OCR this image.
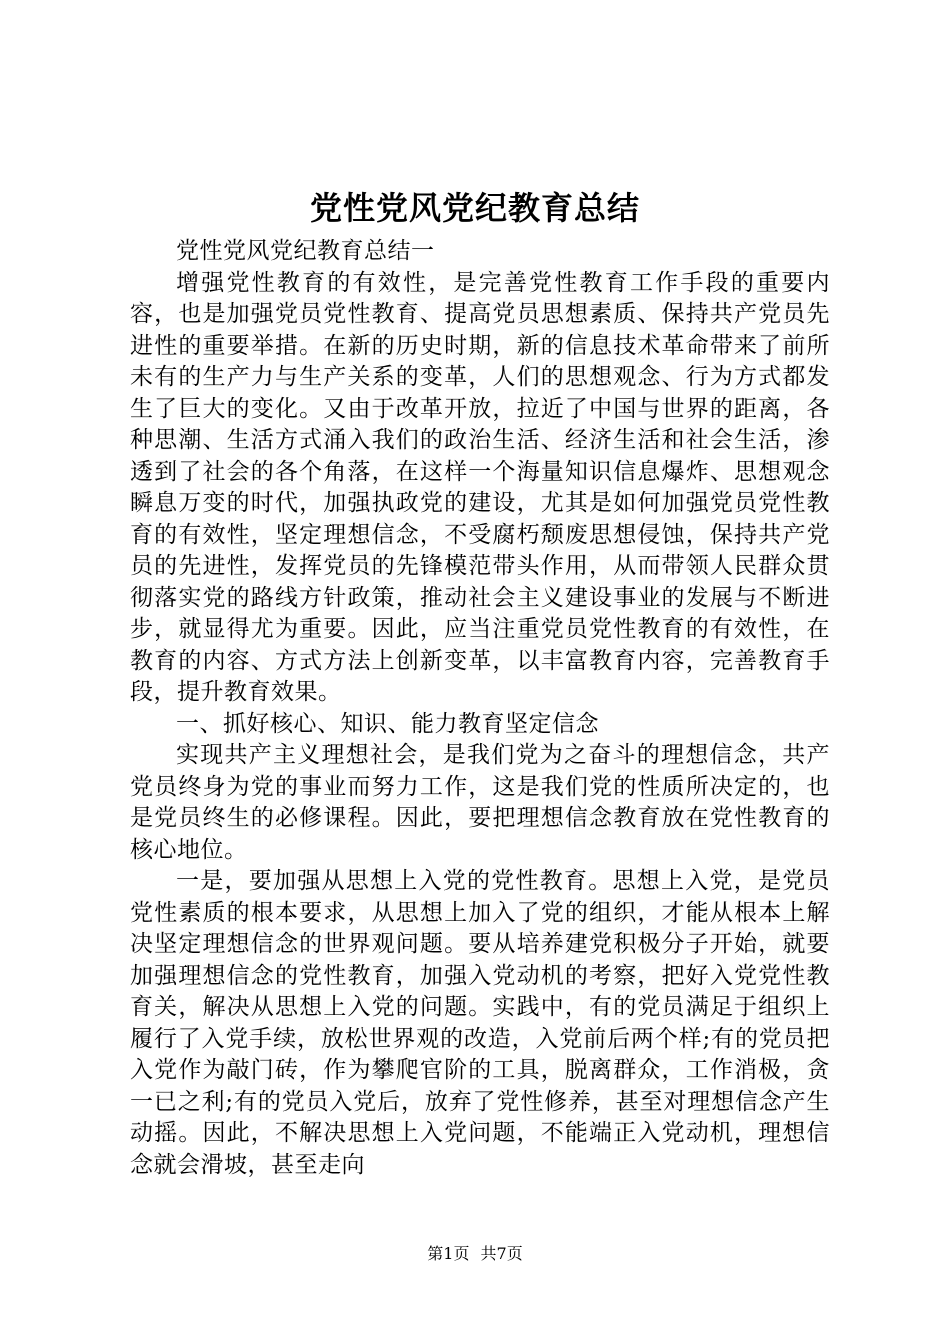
党性党风党纪教育总结

党性党风党纪教育总结一

增强党性教育的有效性，是完善党性教育工作手段的重要内容，也是加强党员党性教育、提高党员思想素质、保持共产党员先进性的重要举措。在新的历史时期，新的信息技术革命带来了前所未有的生产力与生产关系的变革，人们的思想观念、行为方式都发生了巨大的变化。又由于改革开放，拉近了中国与世界的距离，各种思潮、生活方式涌入我们的政治生活、经济生活和社会生活，渗透到了社会的各个角落，在这样一个海量知识信息爆炸、思想观念瞬息万变的时代，加强执政党的建设，尤其是如何加强党员党性教育的有效性，坚定理想信念，不受腐朽颓废思想侵蚀，保持共产党员的先进性，发挥党员的先锋模范带头作用，从而带领人民群众贯彻落实党的路线方针政策，推动社会主义建设事业的发展与不断进步，就显得尤为重要。因此，应当注重党员党性教育的有效性，在教育的内容、方式方法上创新变革，以丰富教育内容，完善教育手段，提升教育效果。

一、抓好核心、知识、能力教育坚定信念

实现共产主义理想社会，是我们党为之奋斗的理想信念，共产党员终身为党的事业而努力工作，这是我们党的性质所决定的，也是党员终生的必修课程。因此，要把理想信念教育放在党性教育的核心地位。

一是，要加强从思想上入党的党性教育。思想上入党，是党员党性素质的根本要求，从思想上加入了党的组织，才能从根本上解决坚定理想信念的世界观问题。要从培养建党积极分子开始，就要加强理想信念的党性教育，加强入党动机的考察，把好入党党性教育关，解决从思想上入党的问题。实践中，有的党员满足于组织上履行了入党手续，放松世界观的改造，入党前后两个样;有的党员把入党作为敲门砖，作为攀爬官阶的工具，脱离群众，工作消极，贪一已之利;有的党员入党后，放弃了党性修养，甚至对理想信念产生动摇。因此，不解决思想上入党问题，不能端正入党动机，理想信念就会滑坡，甚至走向

第1页 共7页
